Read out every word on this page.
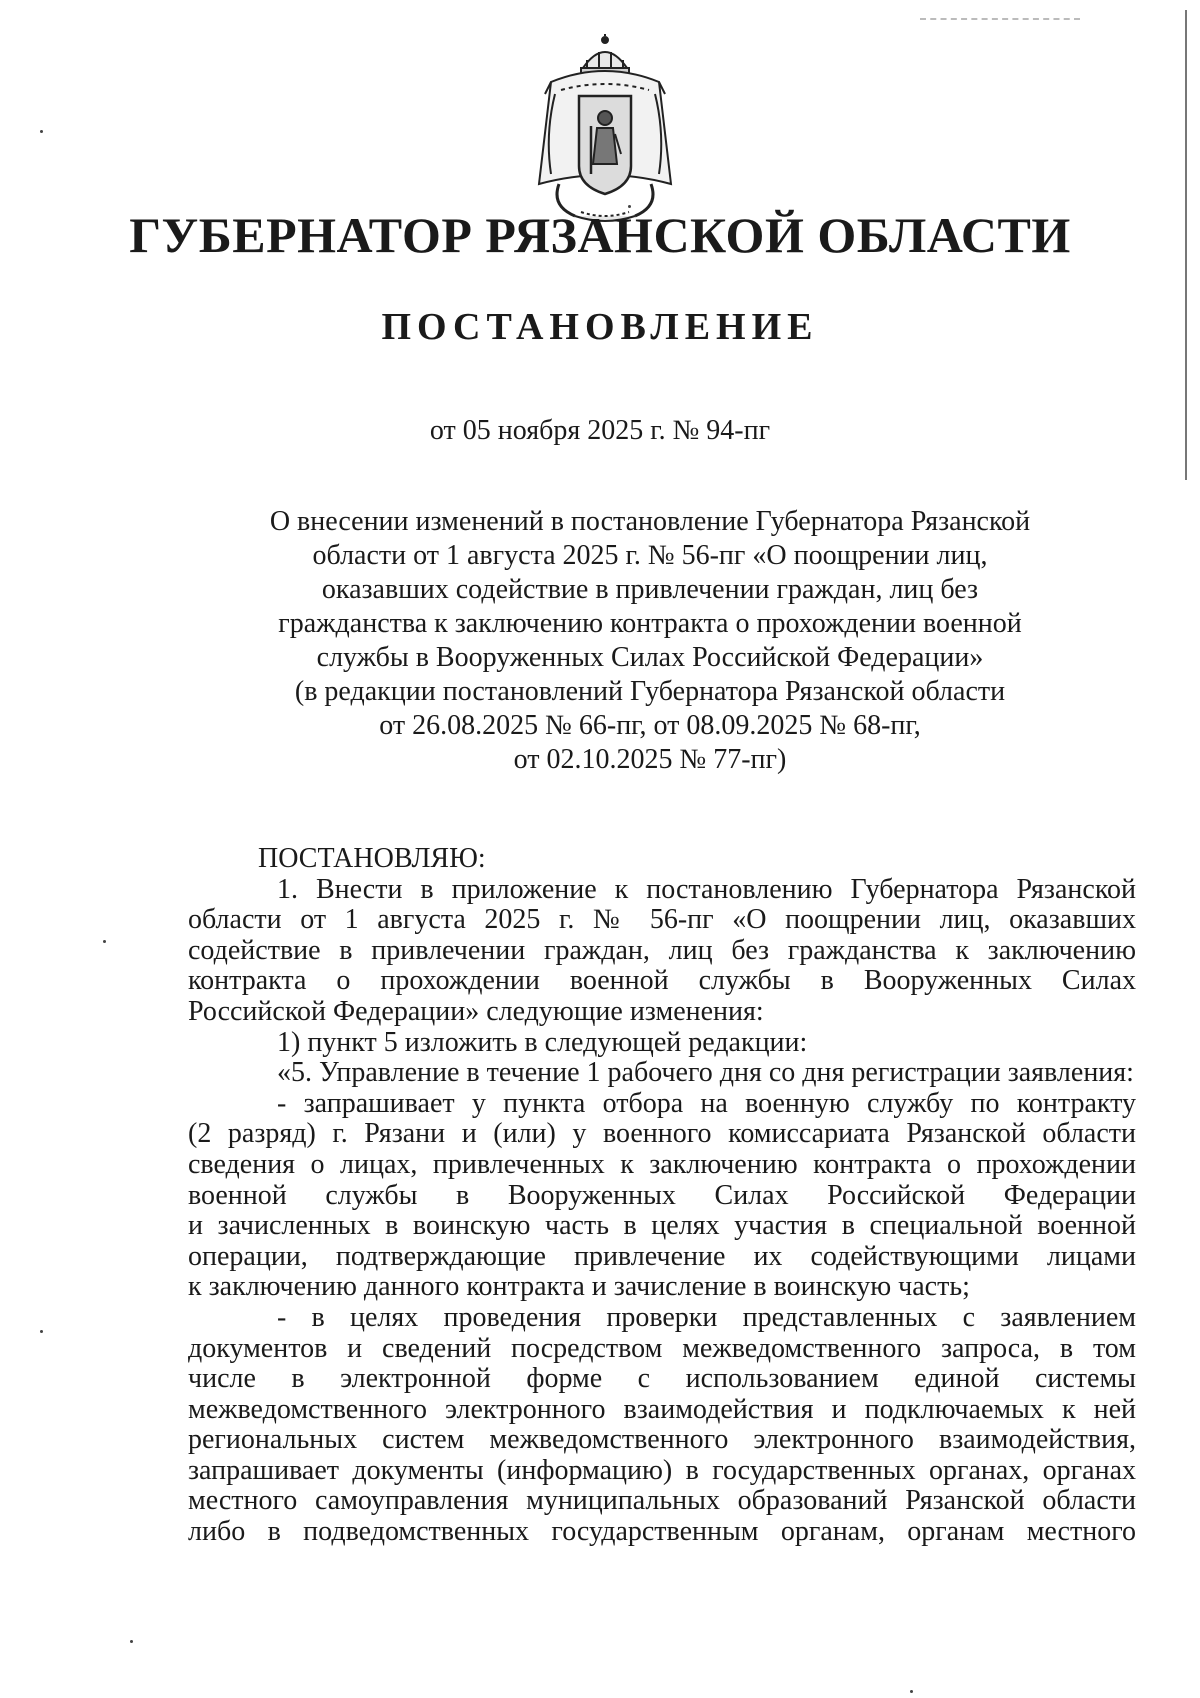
ГУБЕРНАТОР РЯЗАНСКОЙ ОБЛАСТИ
ПОСТАНОВЛЕНИЕ
от 05 ноября 2025 г. № 94-пг
О внесении изменений в постановление Губернатора Рязанской
области от 1 августа 2025 г. № 56-пг «О поощрении лиц,
оказавших содействие в привлечении граждан, лиц без
гражданства к заключению контракта о прохождении военной
службы в Вооруженных Силах Российской Федерации»
(в редакции постановлений Губернатора Рязанской области
от 26.08.2025 № 66-пг, от 08.09.2025 № 68-пг,
от 02.10.2025 № 77-пг)

ПОСТАНОВЛЯЮ:

1. Внести в приложение к постановлению Губернатора Рязанской

области от 1 августа 2025 г. № 56-пг «О поощрении лиц, оказавших

содействие в привлечении граждан, лиц без гражданства к заключению

контракта о прохождении военной службы в Вооруженных Силах

Российской Федерации» следующие изменения:

1) пункт 5 изложить в следующей редакции:

«5. Управление в течение 1 рабочего дня со дня регистрации заявления:

- запрашивает у пункта отбора на военную службу по контракту

(2 разряд) г. Рязани и (или) у военного комиссариата Рязанской области

сведения о лицах, привлеченных к заключению контракта о прохождении

военной службы в Вооруженных Силах Российской Федерации

и зачисленных в воинскую часть в целях участия в специальной военной

операции, подтверждающие привлечение их содействующими лицами

к заключению данного контракта и зачисление в воинскую часть;

- в целях проведения проверки представленных с заявлением

документов и сведений посредством межведомственного запроса, в том

числе в электронной форме с использованием единой системы

межведомственного электронного взаимодействия и подключаемых к ней

региональных систем межведомственного электронного взаимодействия,

запрашивает документы (информацию) в государственных органах, органах

местного самоуправления муниципальных образований Рязанской области

либо в подведомственных государственным органам, органам местного
